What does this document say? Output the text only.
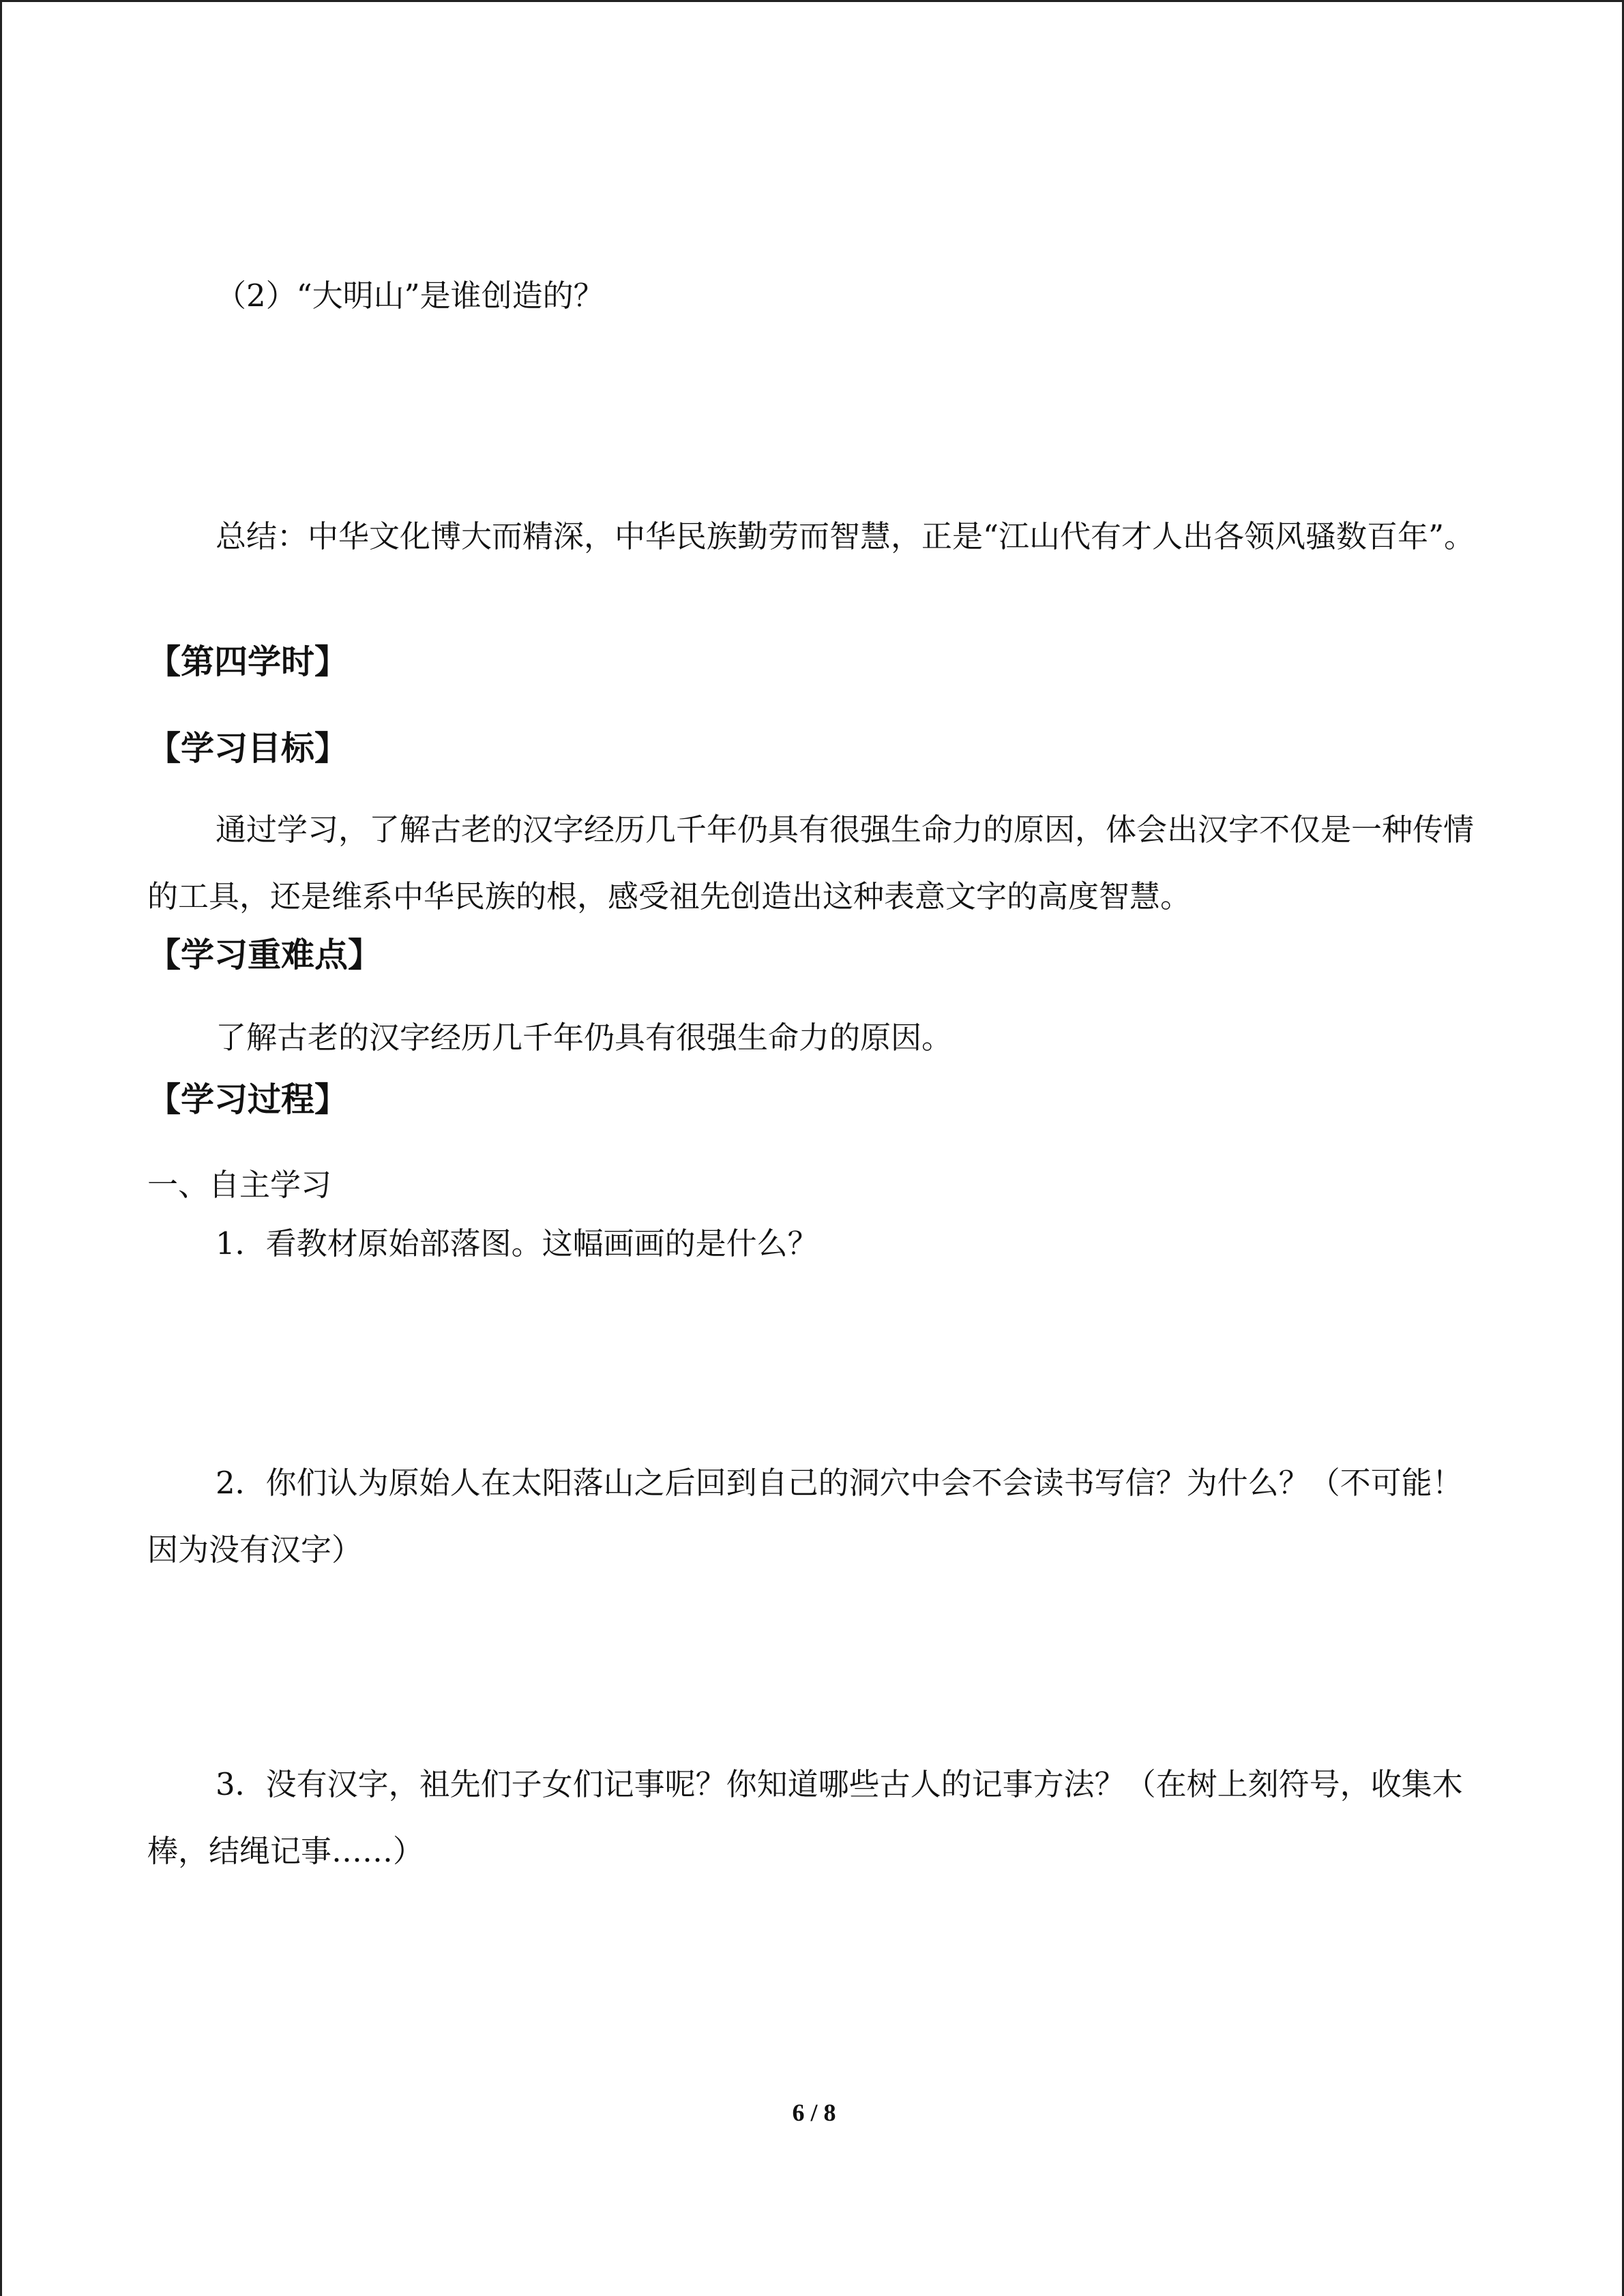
（2）“大明山”是谁创造的？

总结：中华文化博大而精深，中华民族勤劳而智慧，正是“江山代有才人出各领风骚数百年”。

【第四学时】
【学习目标】

通过学习，了解古老的汉字经历几千年仍具有很强生命力的原因，体会出汉字不仅是一种传情的工具，还是维系中华民族的根，感受祖先创造出这种表意文字的高度智慧。

【学习重难点】

了解古老的汉字经历几千年仍具有很强生命力的原因。

【学习过程】

一、自主学习

1．看教材原始部落图。这幅画画的是什么？

2．你们认为原始人在太阳落山之后回到自己的洞穴中会不会读书写信？为什么？（不可能！因为没有汉字）

3．没有汉字，祖先们子女们记事呢？你知道哪些古人的记事方法？（在树上刻符号，收集木棒，结绳记事……）

6 / 8
